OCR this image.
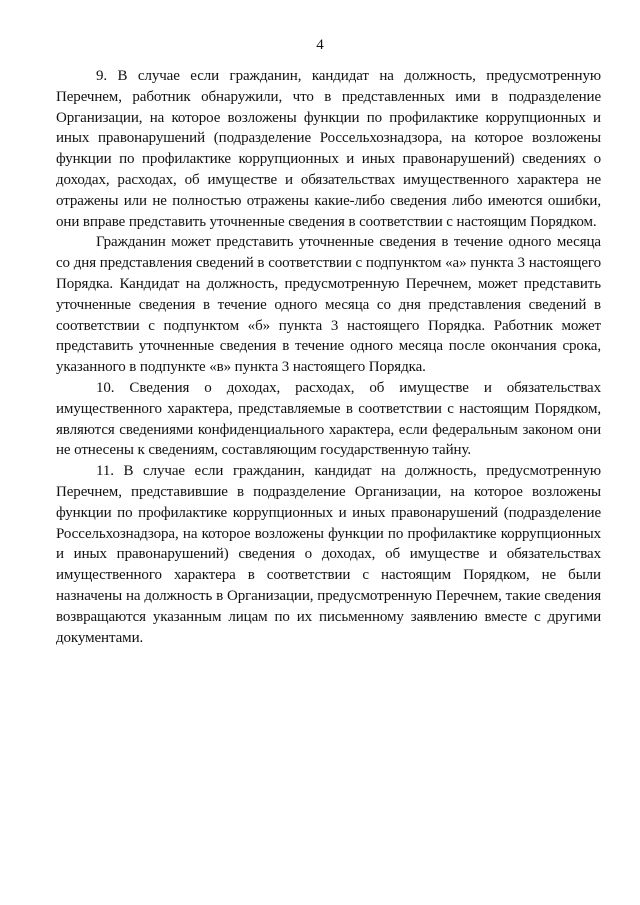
4

9. В случае если гражданин, кандидат на должность, предусмотренную Перечнем, работник обнаружили, что в представленных ими в подразделение Организации, на которое возложены функции по профилактике коррупционных и иных правонарушений (подразделение Россельхознадзора, на которое возложены функции по профилактике коррупционных и иных правонарушений) сведениях о доходах, расходах, об имуществе и обязательствах имущественного характера не отражены или не полностью отражены какие-либо сведения либо имеются ошибки, они вправе представить уточненные сведения в соответствии с настоящим Порядком.

Гражданин может представить уточненные сведения в течение одного месяца со дня представления сведений в соответствии с подпунктом «а» пункта 3 настоящего Порядка. Кандидат на должность, предусмотренную Перечнем, может представить уточненные сведения в течение одного месяца со дня представления сведений в соответствии с подпунктом «б» пункта 3 настоящего Порядка. Работник может представить уточненные сведения в течение одного месяца после окончания срока, указанного в подпункте «в» пункта 3 настоящего Порядка.

10. Сведения о доходах, расходах, об имуществе и обязательствах имущественного характера, представляемые в соответствии с настоящим Порядком, являются сведениями конфиденциального характера, если федеральным законом они не отнесены к сведениям, составляющим государственную тайну.

11. В случае если гражданин, кандидат на должность, предусмотренную Перечнем, представившие в подразделение Организации, на которое возложены функции по профилактике коррупционных и иных правонарушений (подразделение Россельхознадзора, на которое возложены функции по профилактике коррупционных и иных правонарушений) сведения о доходах, об имуществе и обязательствах имущественного характера в соответствии с настоящим Порядком, не были назначены на должность в Организации, предусмотренную Перечнем, такие сведения возвращаются указанным лицам по их письменному заявлению вместе с другими документами.
